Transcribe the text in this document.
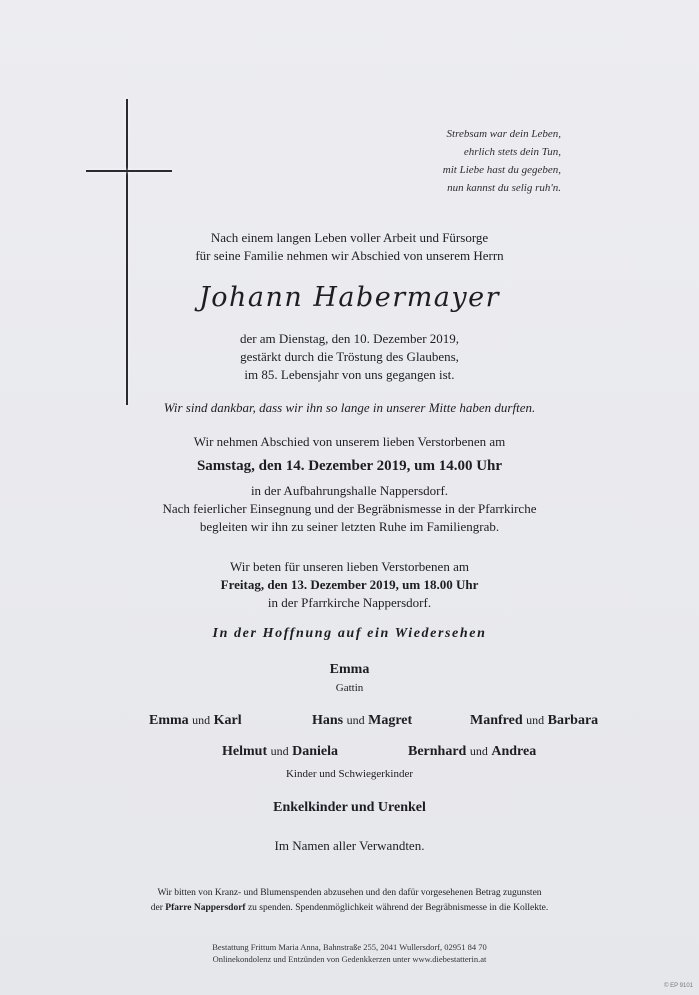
Strebsam war dein Leben,
ehrlich stets dein Tun,
mit Liebe hast du gegeben,
nun kannst du selig ruh'n.
Nach einem langen Leben voller Arbeit und Fürsorge
für seine Familie nehmen wir Abschied von unserem Herrn
Johann Habermayer
der am Dienstag, den 10. Dezember 2019,
gestärkt durch die Tröstung des Glaubens,
im 85. Lebensjahr von uns gegangen ist.
Wir sind dankbar, dass wir ihn so lange in unserer Mitte haben durften.
Wir nehmen Abschied von unserem lieben Verstorbenen am
Samstag, den 14. Dezember 2019, um 14.00 Uhr
in der Aufbahrungshalle Nappersdorf.
Nach feierlicher Einsegnung und der Begräbnismesse in der Pfarrkirche
begleiten wir ihn zu seiner letzten Ruhe im Familiengrab.
Wir beten für unseren lieben Verstorbenen am
Freitag, den 13. Dezember 2019, um 18.00 Uhr
in der Pfarrkirche Nappersdorf.
In der Hoffnung auf ein Wiedersehen
Emma
Gattin
Emma und Karl	Hans und Magret	Manfred und Barbara
Helmut und Daniela	Bernhard und Andrea
Kinder und Schwiegerkinder
Enkelkinder und Urenkel
Im Namen aller Verwandten.
Wir bitten von Kranz- und Blumenspenden abzusehen und den dafür vorgesehenen Betrag zugunsten
der Pfarre Nappersdorf zu spenden. Spendenmöglichkeit während der Begräbnismesse in die Kollekte.
Bestattung Frittum Maria Anna, Bahnstraße 255, 2041 Wullersdorf, 02951 84 70
Onlinekondolenz und Entzünden von Gedenkkerzen unter www.diebestatterin.at
© EP 9101
